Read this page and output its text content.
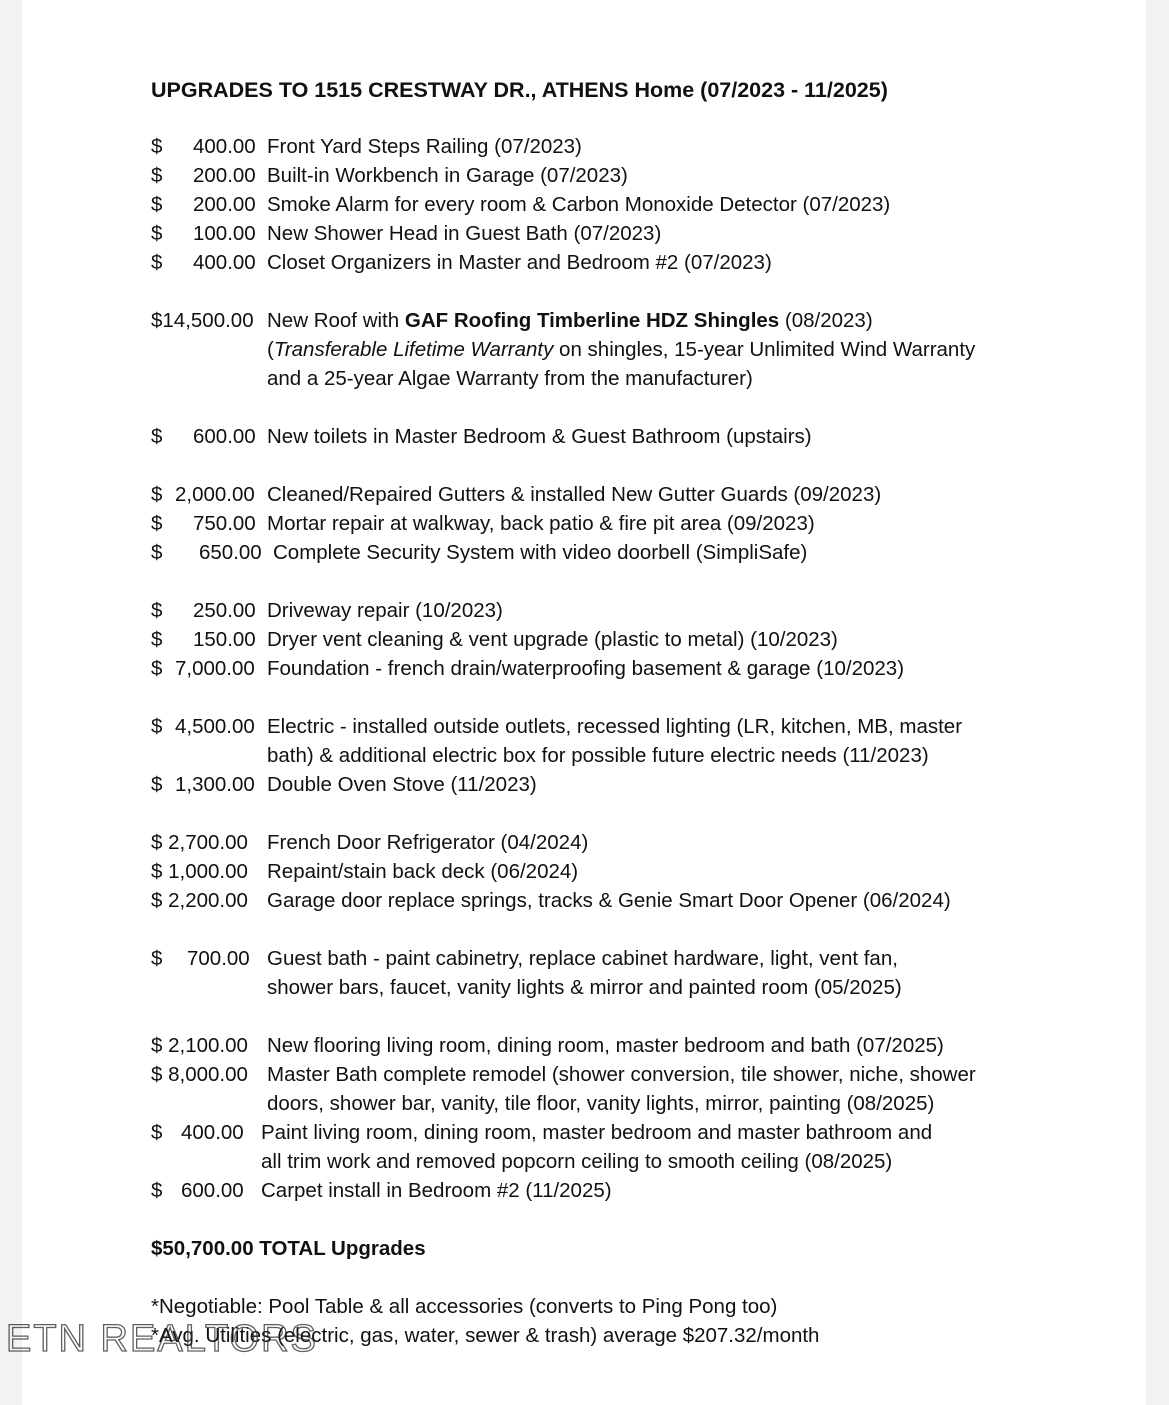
UPGRADES TO 1515 CRESTWAY DR., ATHENS Home (07/2023 - 11/2025)
$ 400.00 Front Yard Steps Railing (07/2023)
$ 200.00 Built-in Workbench in Garage (07/2023)
$ 200.00 Smoke Alarm for every room & Carbon Monoxide Detector (07/2023)
$ 100.00 New Shower Head in Guest Bath (07/2023)
$ 400.00 Closet Organizers in Master and Bedroom #2 (07/2023)
$14,500.00 New Roof with GAF Roofing Timberline HDZ Shingles (08/2023)
(Transferable Lifetime Warranty on shingles, 15-year Unlimited Wind Warranty
and a 25-year Algae Warranty from the manufacturer)
$ 600.00 New toilets in Master Bedroom & Guest Bathroom (upstairs)
$ 2,000.00 Cleaned/Repaired Gutters & installed New Gutter Guards (09/2023)
$ 750.00 Mortar repair at walkway, back patio & fire pit area (09/2023)
$ 650.00 Complete Security System with video doorbell (SimpliSafe)
$ 250.00 Driveway repair (10/2023)
$ 150.00 Dryer vent cleaning & vent upgrade (plastic to metal) (10/2023)
$ 7,000.00 Foundation - french drain/waterproofing basement & garage (10/2023)
$ 4,500.00 Electric - installed outside outlets, recessed lighting (LR, kitchen, MB, master
bath) & additional electric box for possible future electric needs (11/2023)
$ 1,300.00 Double Oven Stove (11/2023)
$ 2,700.00 French Door Refrigerator (04/2024)
$ 1,000.00 Repaint/stain back deck (06/2024)
$ 2,200.00 Garage door replace springs, tracks & Genie Smart Door Opener (06/2024)
$ 700.00 Guest bath - paint cabinetry, replace cabinet hardware, light, vent fan,
shower bars, faucet, vanity lights & mirror and painted room (05/2025)
$ 2,100.00 New flooring living room, dining room, master bedroom and bath (07/2025)
$ 8,000.00 Master Bath complete remodel (shower conversion, tile shower, niche, shower
doors, shower bar, vanity, tile floor, vanity lights, mirror, painting (08/2025)
$ 400.00 Paint living room, dining room, master bedroom and master bathroom and
all trim work and removed popcorn ceiling to smooth ceiling (08/2025)
$ 600.00 Carpet install in Bedroom #2 (11/2025)
$50,700.00 TOTAL Upgrades
*Negotiable: Pool Table & all accessories (converts to Ping Pong too)
*Avg. Utilities (electric, gas, water, sewer & trash) average $207.32/month
ETN REALTORS
